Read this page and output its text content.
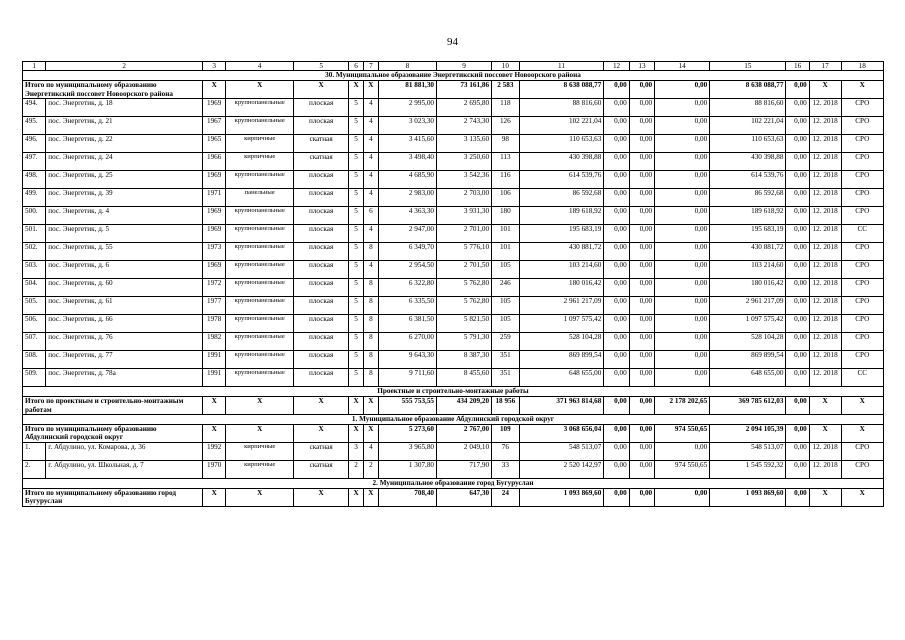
94
1	2	3	4	5	6	7	8	9	10	11	12	13	14	15	16	17	18
30. Муниципальное образование Энергетикский поссовет Новоорского района																	
Итого по муниципальному образованию Энергетикский поссовет Новоорского района		X	X	X	X	X	81 881,30	73 161,86	2 583	8 638 088,77	0,00	0,00	0,00	8 638 088,77	0,00	X	X
494.	пос. Энергетик, д. 18	1969	крупнопанельные	плоская	5	4	2 995,00	2 695,80	118	88 816,60	0,00	0,00	0,00	88 816,60	0,00	12. 2018	СРО
495.	пос. Энергетик, д. 21	1967	крупнопанельные	плоская	5	4	3 023,30	2 743,30	126	102 221,04	0,00	0,00	0,00	102 221,04	0,00	12. 2018	СРО
496.	пос. Энергетик, д. 22	1965	кирпичные	скатная	5	4	3 415,60	3 135,60	98	110 653,63	0,00	0,00	0,00	110 653,63	0,00	12. 2018	СРО
497.	пос. Энергетик, д. 24	1966	кирпичные	скатная	5	4	3 498,40	3 250,60	113	430 398,88	0,00	0,00	0,00	430 398,88	0,00	12. 2018	СРО
498.	пос. Энергетик, д. 25	1969	крупнопанельные	плоская	5	4	4 685,90	3 542,36	116	614 539,76	0,00	0,00	0,00	614 539,76	0,00	12. 2018	СРО
499.	пос. Энергетик, д. 39	1971	панельные	плоская	5	4	2 983,00	2 703,00	106	86 592,68	0,00	0,00	0,00	86 592,68	0,00	12. 2018	СРО
500.	пос. Энергетик, д. 4	1969	крупнопанельные	плоская	5	6	4 363,30	3 931,30	180	189 618,92	0,00	0,00	0,00	189 618,92	0,00	12. 2018	СРО
501.	пос. Энергетик, д. 5	1969	крупнопанельные	плоская	5	4	2 947,00	2 701,00	101	195 683,19	0,00	0,00	0,00	195 683,19	0,00	12. 2018	СС
502.	пос. Энергетик, д. 55	1973	крупнопанельные	плоская	5	8	6 349,70	5 776,10	101	430 881,72	0,00	0,00	0,00	430 881,72	0,00	12. 2018	СРО
503.	пос. Энергетик, д. 6	1969	крупнопанельные	плоская	5	4	2 954,50	2 701,50	105	103 214,60	0,00	0,00	0,00	103 214,60	0,00	12. 2018	СРО
504.	пос. Энергетик, д. 60	1972	крупнопанельные	плоская	5	8	6 322,80	5 762,80	246	180 016,42	0,00	0,00	0,00	180 016,42	0,00	12. 2018	СРО
505.	пос. Энергетик, д. 61	1977	крупнопанельные	плоская	5	8	6 335,50	5 762,80	105	2 961 217,09	0,00	0,00	0,00	2 961 217,09	0,00	12. 2018	СРО
506.	пос. Энергетик, д. 66	1978	крупнопанельные	плоская	5	8	6 381,50	5 821,50	105	1 097 575,42	0,00	0,00	0,00	1 097 575,42	0,00	12. 2018	СРО
507.	пос. Энергетик, д. 76	1982	крупнопанельные	плоская	5	8	6 270,00	5 791,30	259	528 104,28	0,00	0,00	0,00	528 104,28	0,00	12. 2018	СРО
508.	пос. Энергетик, д. 77	1991	крупнопанельные	плоская	5	8	9 643,30	8 387,30	351	869 899,54	0,00	0,00	0,00	869 899,54	0,00	12. 2018	СРО
509.	пос. Энергетик, д. 78а	1991	крупнопанельные	плоская	5	8	9 711,60	8 455,60	351	648 655,00	0,00	0,00	0,00	648 655,00	0,00	12. 2018	СС
Проектные и строительно-монтажные работы																	
Итого по проектным и строительно-монтажным работам		X	X	X	X	X	555 753,55	434 209,20	18 956	371 963 814,68	0,00	0,00	2 178 202,65	369 785 612,03	0,00	X	X
1. Муниципальное образование Абдулинский городской округ																	
Итого по муниципальному образованию Абдулинский городской округ		X	X	X	X	X	5 273,60	2 767,00	109	3 068 656,04	0,00	0,00	974 550,65	2 094 105,39	0,00	X	X
1.	г. Абдулино, ул. Комарова, д. 36	1992	кирпичные	скатная	3	4	3 965,80	2 049,10	76	548 513,07	0,00	0,00	0,00	548 513,07	0,00	12. 2018	СРО
2.	г. Абдулино, ул. Школьная, д. 7	1970	кирпичные	скатная	2	2	1 307,80	717,90	33	2 520 142,97	0,00	0,00	974 550,65	1 545 592,32	0,00	12. 2018	СРО
2. Муниципальное образование город Бугуруслан																	
Итого по муниципальному образованию город Бугуруслан		X	X	X	X	X	708,40	647,30	24	1 093 869,60	0,00	0,00	0,00	1 093 869,60	0,00	X	X
